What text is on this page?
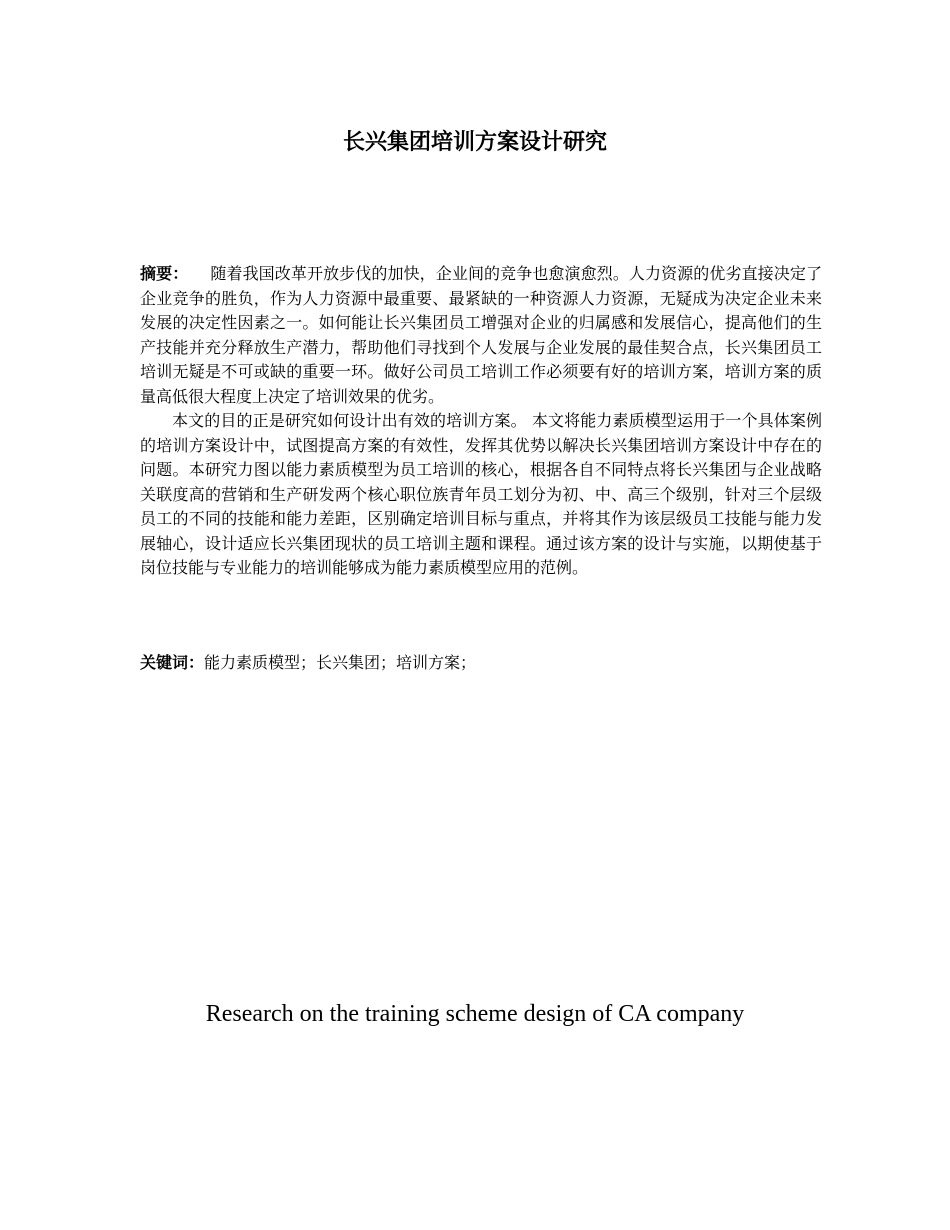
长兴集团培训方案设计研究

摘要： 随着我国改革开放步伐的加快，企业间的竞争也愈演愈烈。人力资源的优劣直接决定了企业竞争的胜负，作为人力资源中最重要、最紧缺的一种资源人力资源，无疑成为决定企业未来发展的决定性因素之一。如何能让长兴集团员工增强对企业的归属感和发展信心，提高他们的生产技能并充分释放生产潜力，帮助他们寻找到个人发展与企业发展的最佳契合点，长兴集团员工培训无疑是不可或缺的重要一环。做好公司员工培训工作必须要有好的培训方案，培训方案的质量高低很大程度上决定了培训效果的优劣。

本文的目的正是研究如何设计出有效的培训方案。 本文将能力素质模型运用于一个具体案例的培训方案设计中，试图提高方案的有效性，发挥其优势以解决长兴集团培训方案设计中存在的问题。本研究力图以能力素质模型为员工培训的核心，根据各自不同特点将长兴集团与企业战略关联度高的营销和生产研发两个核心职位族青年员工划分为初、中、高三个级别，针对三个层级员工的不同的技能和能力差距，区别确定培训目标与重点，并将其作为该层级员工技能与能力发展轴心，设计适应长兴集团现状的员工培训主题和课程。通过该方案的设计与实施，以期使基于岗位技能与专业能力的培训能够成为能力素质模型应用的范例。

关键词：能力素质模型；长兴集团；培训方案；
Research on the training scheme design of CA company
